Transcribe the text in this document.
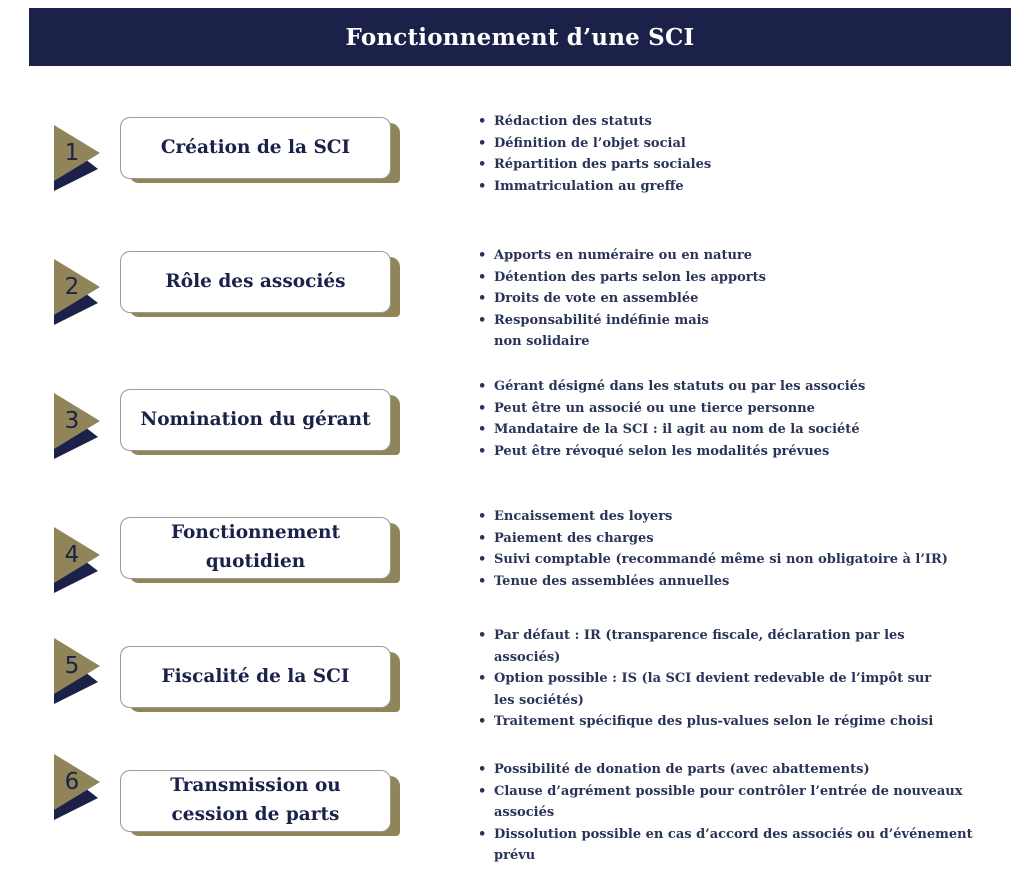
Fonctionnement d’une SCI
1	Création de la SCI
• Rédaction des statuts
• Définition de l’objet social
• Répartition des parts sociales
• Immatriculation au greffe
2	Rôle des associés
• Apports en numéraire ou en nature
• Détention des parts selon les apports
• Droits de vote en assemblée
• Responsabilité indéfinie mais non solidaire
3	Nomination du gérant
• Gérant désigné dans les statuts ou par les associés
• Peut être un associé ou une tierce personne
• Mandataire de la SCI : il agit au nom de la société
• Peut être révoqué selon les modalités prévues
4
Fonctionnement quotidien
• Encaissement des loyers
• Paiement des charges
• Suivi comptable (recommandé même si non obligatoire à l’IR)
• Tenue des assemblées annuelles
5	Fiscalité de la SCI
• Par défaut : IR (transparence fiscale, déclaration par les associés)
• Option possible : IS (la SCI devient redevable de l’impôt sur les sociétés)
• Traitement spécifique des plus-values selon le régime choisi
6	Transmission ou cession de parts
• Possibilité de donation de parts (avec abattements)
• Clause d’agrément possible pour contrôler l’entrée de nouveaux associés
• Dissolution possible en cas d’accord des associés ou d’événement prévu
